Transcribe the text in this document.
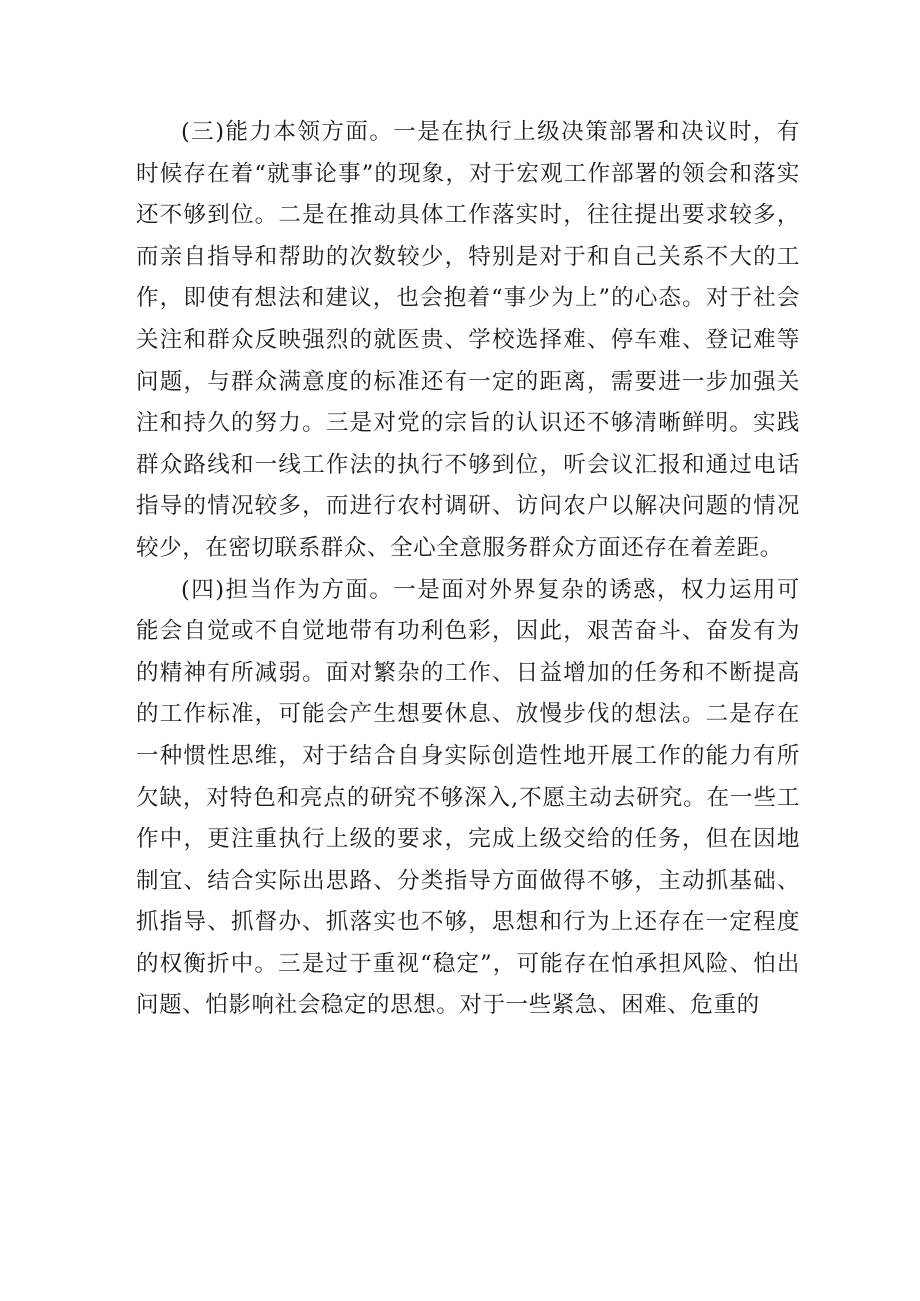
(三)能力本领方面。一是在执行上级决策部署和决议时，有时候存在着“就事论事”的现象，对于宏观工作部署的领会和落实还不够到位。二是在推动具体工作落实时，往往提出要求较多，而亲自指导和帮助的次数较少，特别是对于和自己关系不大的工作，即使有想法和建议，也会抱着“事少为上”的心态。对于社会关注和群众反映强烈的就医贵、学校选择难、停车难、登记难等问题，与群众满意度的标准还有一定的距离，需要进一步加强关注和持久的努力。三是对党的宗旨的认识还不够清晰鲜明。实践群众路线和一线工作法的执行不够到位，听会议汇报和通过电话指导的情况较多，而进行农村调研、访问农户以解决问题的情况较少，在密切联系群众、全心全意服务群众方面还存在着差距。

(四)担当作为方面。一是面对外界复杂的诱惑，权力运用可能会自觉或不自觉地带有功利色彩，因此，艰苦奋斗、奋发有为的精神有所减弱。面对繁杂的工作、日益增加的任务和不断提高的工作标准，可能会产生想要休息、放慢步伐的想法。二是存在一种惯性思维，对于结合自身实际创造性地开展工作的能力有所欠缺，对特色和亮点的研究不够深入,不愿主动去研究。在一些工作中，更注重执行上级的要求，完成上级交给的任务，但在因地制宜、结合实际出思路、分类指导方面做得不够，主动抓基础、抓指导、抓督办、抓落实也不够，思想和行为上还存在一定程度的权衡折中。三是过于重视“稳定”，可能存在怕承担风险、怕出问题、怕影响社会稳定的思想。对于一些紧急、困难、危重的
